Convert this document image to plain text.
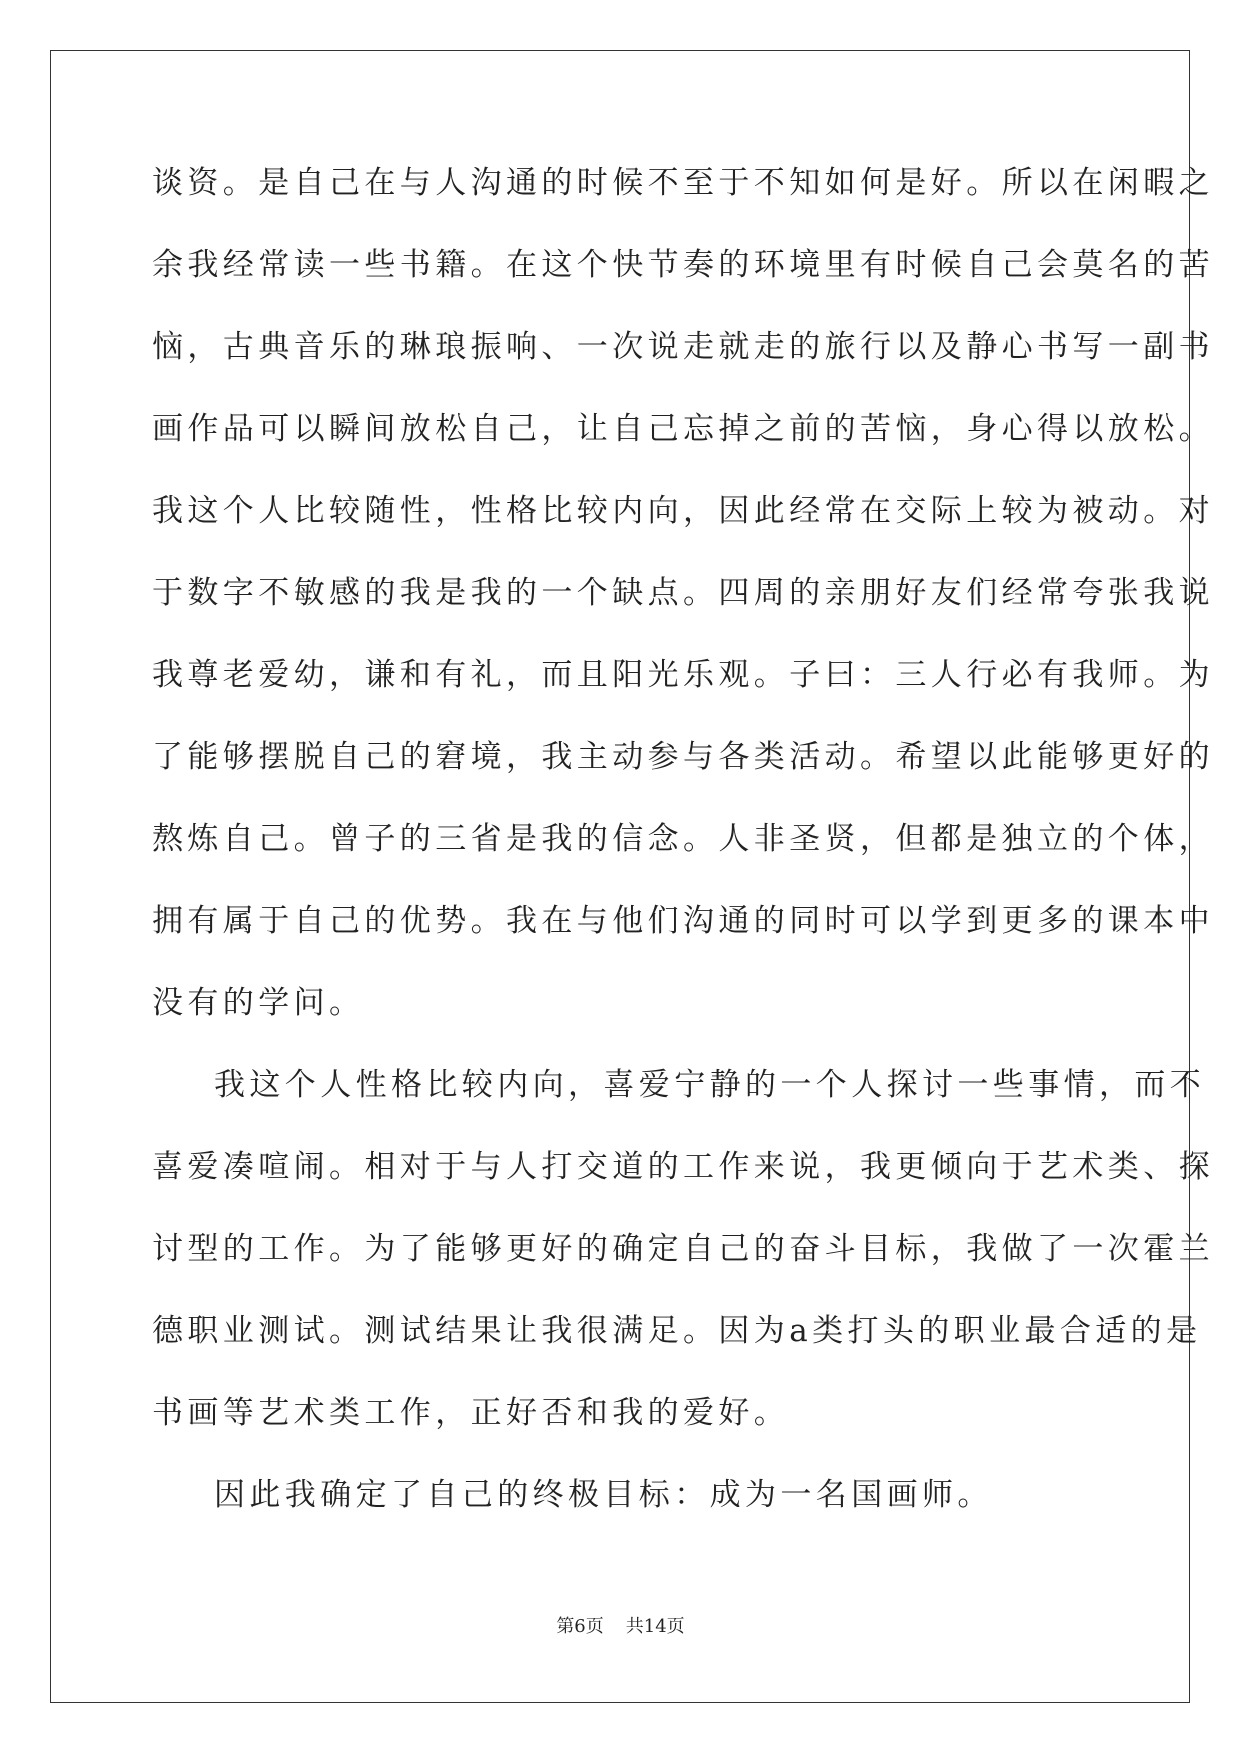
谈资。是自己在与人沟通的时候不至于不知如何是好。所以在闲暇之
余我经常读一些书籍。在这个快节奏的环境里有时候自己会莫名的苦
恼，古典音乐的琳琅振响、一次说走就走的旅行以及静心书写一副书
画作品可以瞬间放松自己，让自己忘掉之前的苦恼，身心得以放松。
我这个人比较随性，性格比较内向，因此经常在交际上较为被动。对
于数字不敏感的我是我的一个缺点。四周的亲朋好友们经常夸张我说
我尊老爱幼，谦和有礼，而且阳光乐观。子曰：三人行必有我师。为
了能够摆脱自己的窘境，我主动参与各类活动。希望以此能够更好的
熬炼自己。曾子的三省是我的信念。人非圣贤，但都是独立的个体，
拥有属于自己的优势。我在与他们沟通的同时可以学到更多的课本中
没有的学问。
我这个人性格比较内向，喜爱宁静的一个人探讨一些事情，而不
喜爱凑喧闹。相对于与人打交道的工作来说，我更倾向于艺术类、探
讨型的工作。为了能够更好的确定自己的奋斗目标，我做了一次霍兰
德职业测试。测试结果让我很满足。因为a类打头的职业最合适的是
书画等艺术类工作，正好否和我的爱好。
因此我确定了自己的终极目标：成为一名国画师。
第6页 共14页
